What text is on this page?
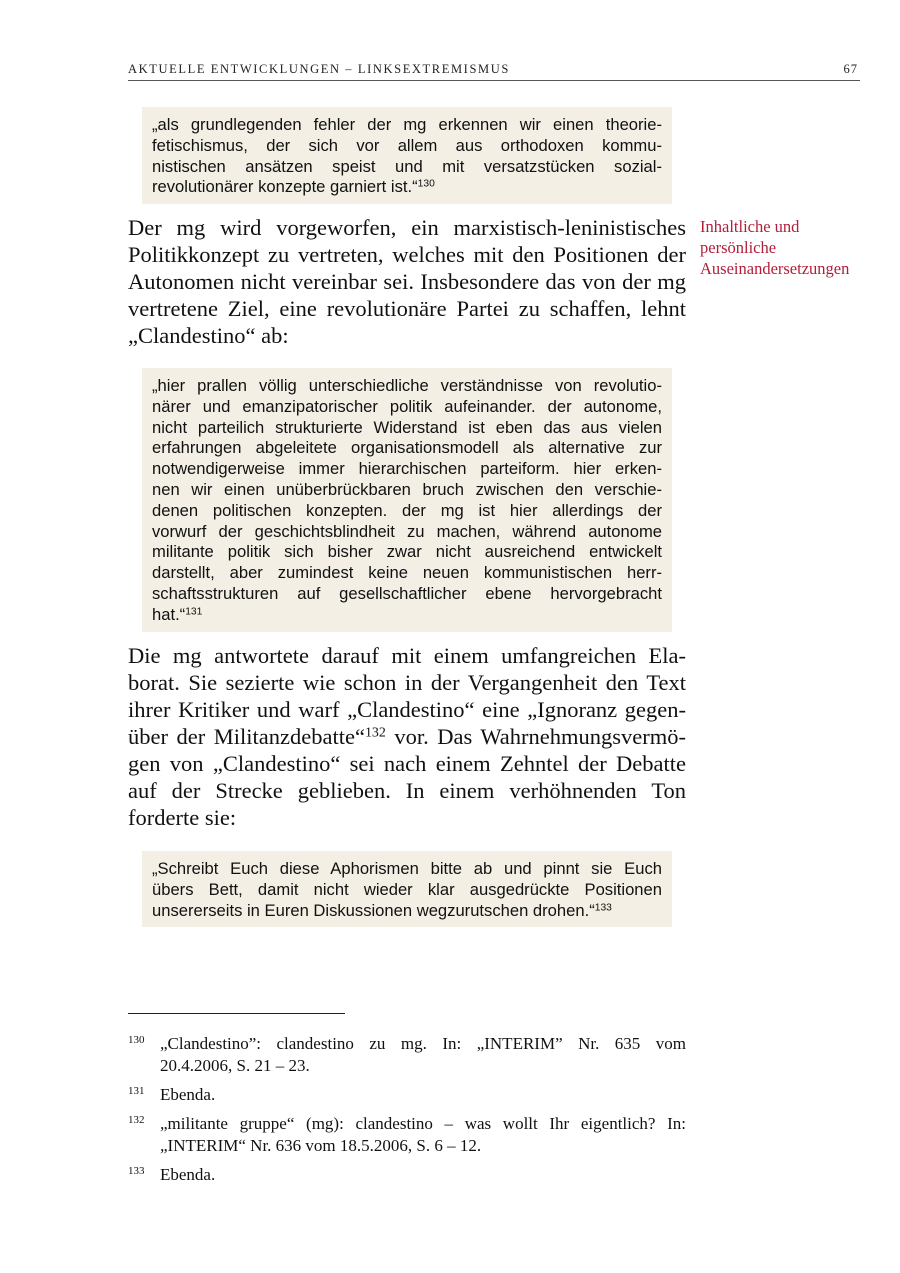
AKTUELLE ENTWICKLUNGEN – LINKSEXTREMISMUS	67
„als grundlegenden fehler der mg erkennen wir einen theorie-
fetischismus, der sich vor allem aus orthodoxen kommu-
nistischen ansätzen speist und mit versatzstücken sozial-
revolutionärer konzepte garniert ist.“$^{130}$
Der mg wird vorgeworfen, ein marxistisch-leninistisches
Politikkonzept zu vertreten, welches mit den Positionen der
Autonomen nicht vereinbar sei. Insbesondere das von der mg
vertretene Ziel, eine revolutionäre Partei zu schaffen, lehnt
„Clandestino“ ab:
Inhaltliche und
persönliche
Auseinandersetzungen
„hier prallen völlig unterschiedliche verständnisse von revolutio-
närer und emanzipatorischer politik aufeinander. der autonome,
nicht parteilich strukturierte Widerstand ist eben das aus vielen
erfahrungen abgeleitete organisationsmodell als alternative zur
notwendigerweise immer hierarchischen parteiform. hier erken-
nen wir einen unüberbrückbaren bruch zwischen den verschie-
denen politischen konzepten. der mg ist hier allerdings der
vorwurf der geschichtsblindheit zu machen, während autonome
militante politik sich bisher zwar nicht ausreichend entwickelt
darstellt, aber zumindest keine neuen kommunistischen herr-
schaftsstrukturen auf gesellschaftlicher ebene hervorgebracht
hat.“$^{131}$
Die mg antwortete darauf mit einem umfangreichen Ela-
borat. Sie sezierte wie schon in der Vergangenheit den Text
ihrer Kritiker und warf „Clandestino“ eine „Ignoranz gegen-
über der Militanzdebatte“$^{132}$ vor. Das Wahrnehmungsvermö-
gen von „Clandestino“ sei nach einem Zehntel der Debatte
auf der Strecke geblieben. In einem verhöhnenden Ton
forderte sie:
„Schreibt Euch diese Aphorismen bitte ab und pinnt sie Euch
übers Bett, damit nicht wieder klar ausgedrückte Positionen
unsererseits in Euren Diskussionen wegzurutschen drohen.“$^{133}$
130 „Clandestino”: clandestino zu mg. In: „INTERIM” Nr. 635 vom
20.4.2006, S. 21 – 23.
131 Ebenda.
132 „militante gruppe“ (mg): clandestino – was wollt Ihr eigentlich? In:
„INTERIM“ Nr. 636 vom 18.5.2006, S. 6 – 12.
133 Ebenda.
